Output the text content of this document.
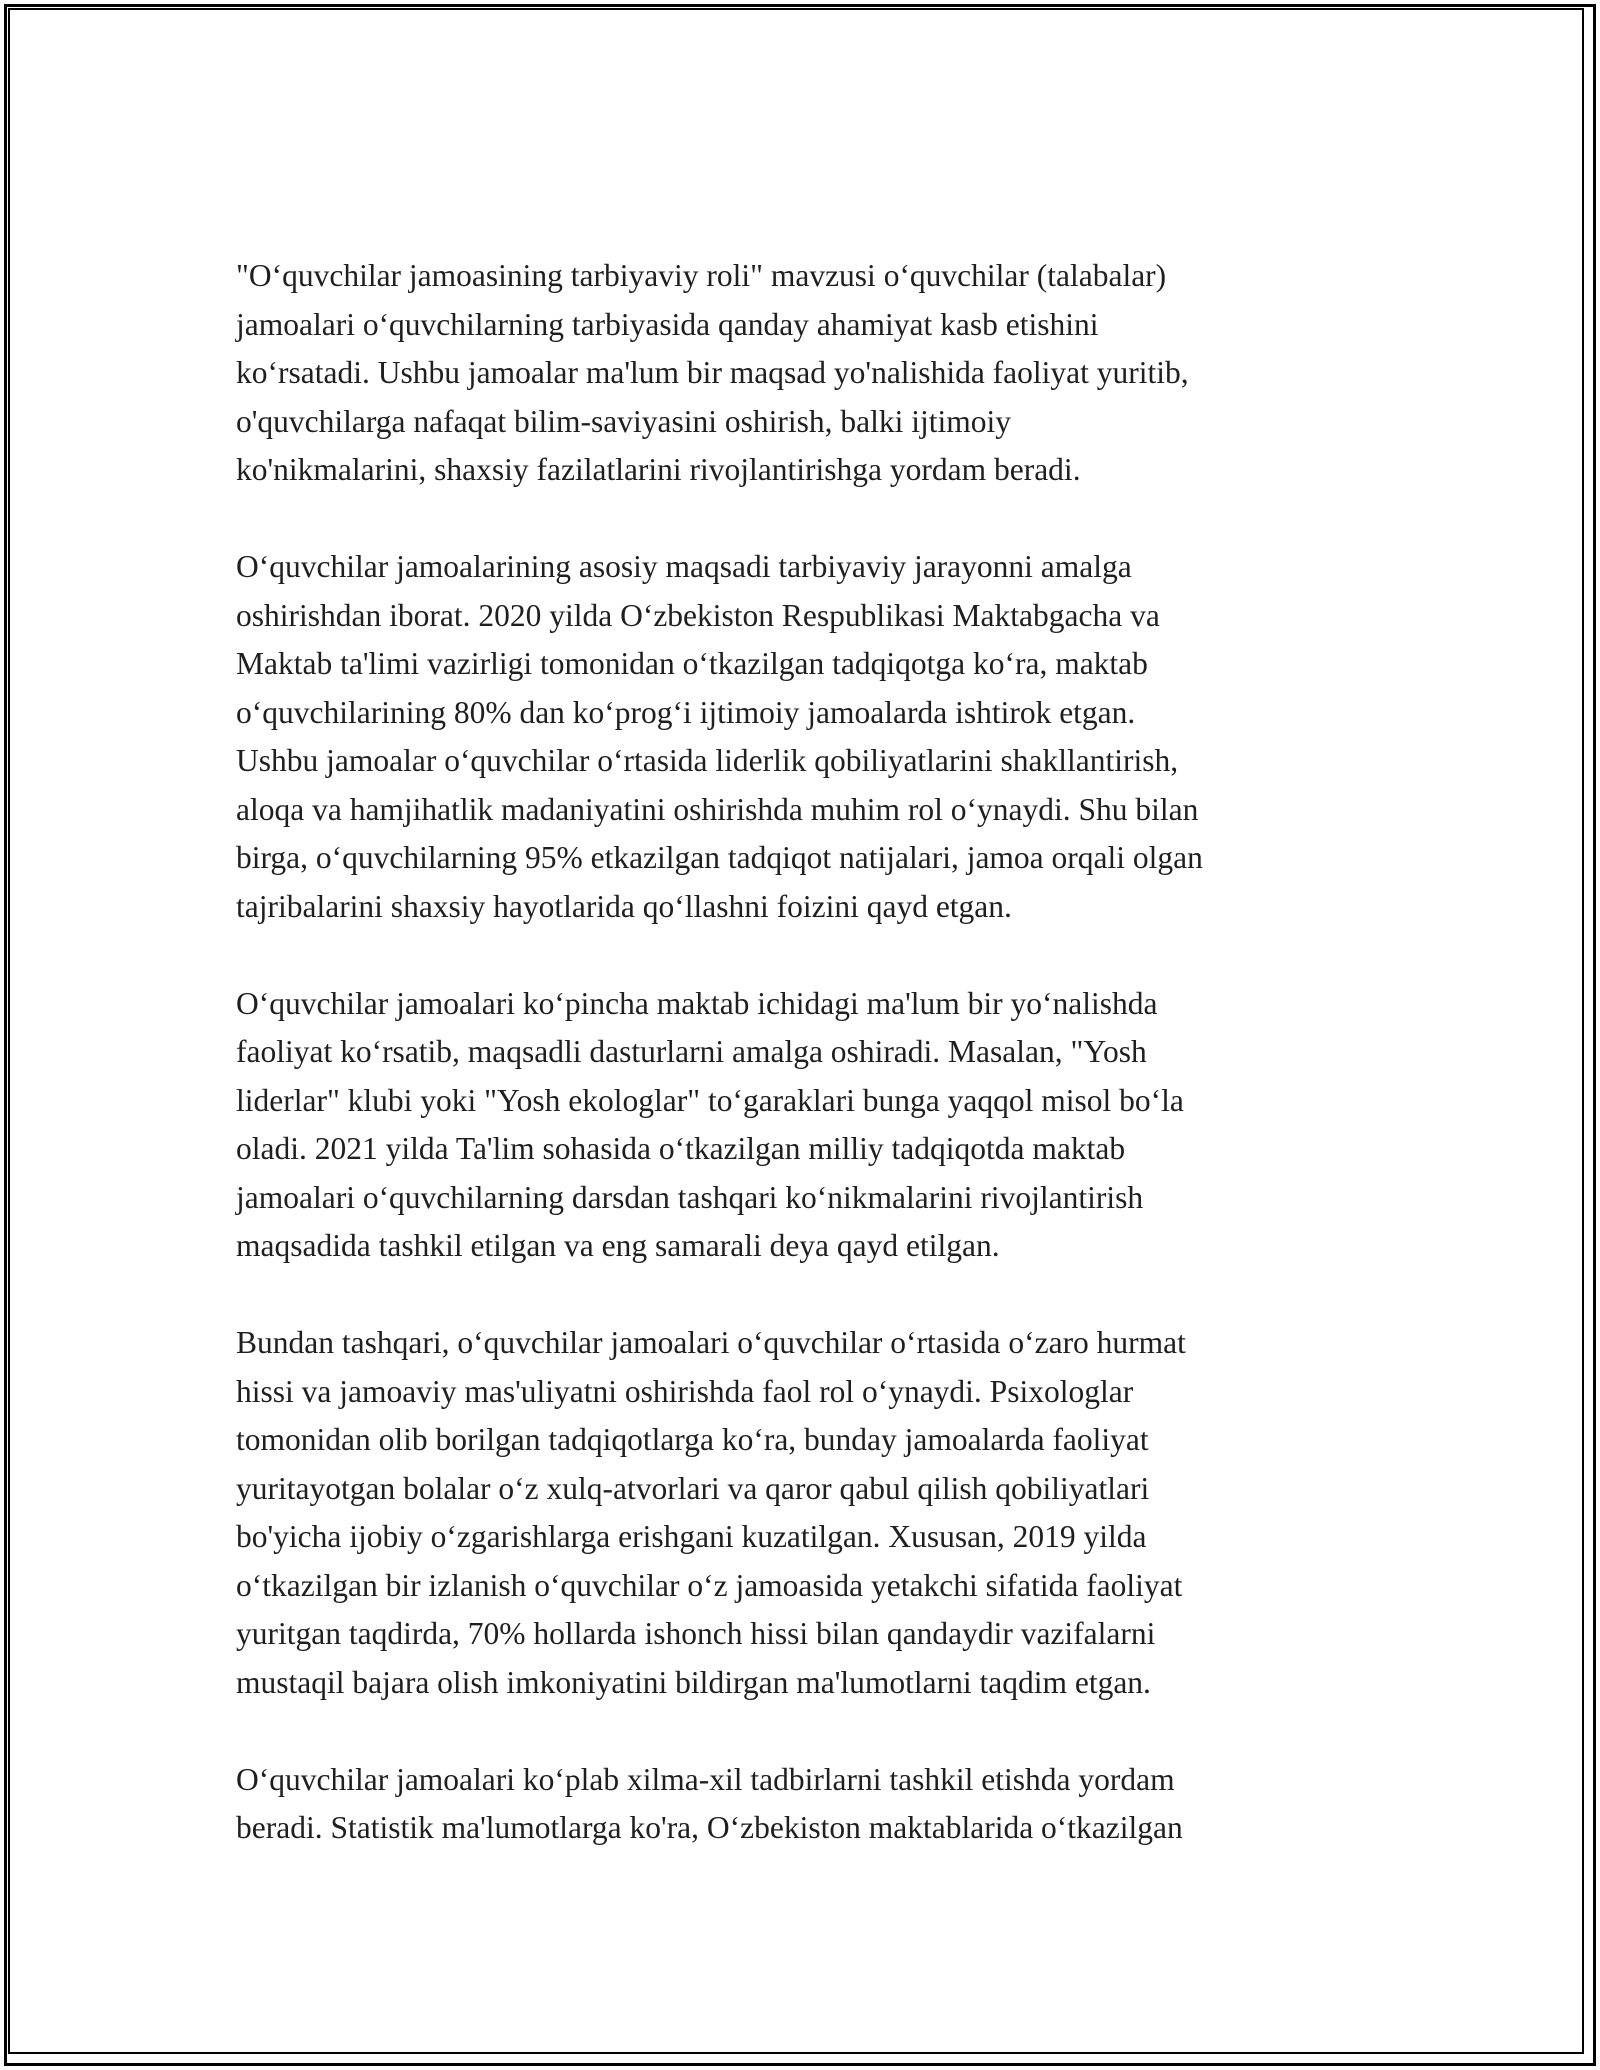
"O‘quvchilar jamoasining tarbiyaviy roli" mavzusi o‘quvchilar (talabalar)
jamoalari o‘quvchilarning tarbiyasida qanday ahamiyat kasb etishini
ko‘rsatadi. Ushbu jamoalar ma'lum bir maqsad yo'nalishida faoliyat yuritib,
o'quvchilarga nafaqat bilim-saviyasini oshirish, balki ijtimoiy
ko'nikmalarini, shaxsiy fazilatlarini rivojlantirishga yordam beradi.

O‘quvchilar jamoalarining asosiy maqsadi tarbiyaviy jarayonni amalga
oshirishdan iborat. 2020 yilda O‘zbekiston Respublikasi Maktabgacha va
Maktab ta'limi vazirligi tomonidan o‘tkazilgan tadqiqotga ko‘ra, maktab
o‘quvchilarining 80% dan ko‘prog‘i ijtimoiy jamoalarda ishtirok etgan.
Ushbu jamoalar o‘quvchilar o‘rtasida liderlik qobiliyatlarini shakllantirish,
aloqa va hamjihatlik madaniyatini oshirishda muhim rol o‘ynaydi. Shu bilan
birga, o‘quvchilarning 95% etkazilgan tadqiqot natijalari, jamoa orqali olgan
tajribalarini shaxsiy hayotlarida qo‘llashni foizini qayd etgan.

O‘quvchilar jamoalari ko‘pincha maktab ichidagi ma'lum bir yo‘nalishda
faoliyat ko‘rsatib, maqsadli dasturlarni amalga oshiradi. Masalan, "Yosh
liderlar" klubi yoki "Yosh ekologlar" to‘garaklari bunga yaqqol misol bo‘la
oladi. 2021 yilda Ta'lim sohasida o‘tkazilgan milliy tadqiqotda maktab
jamoalari o‘quvchilarning darsdan tashqari ko‘nikmalarini rivojlantirish
maqsadida tashkil etilgan va eng samarali deya qayd etilgan.

Bundan tashqari, o‘quvchilar jamoalari o‘quvchilar o‘rtasida o‘zaro hurmat
hissi va jamoaviy mas'uliyatni oshirishda faol rol o‘ynaydi. Psixologlar
tomonidan olib borilgan tadqiqotlarga ko‘ra, bunday jamoalarda faoliyat
yuritayotgan bolalar o‘z xulq-atvorlari va qaror qabul qilish qobiliyatlari
bo'yicha ijobiy o‘zgarishlarga erishgani kuzatilgan. Xususan, 2019 yilda
o‘tkazilgan bir izlanish o‘quvchilar o‘z jamoasida yetakchi sifatida faoliyat
yuritgan taqdirda, 70% hollarda ishonch hissi bilan qandaydir vazifalarni
mustaqil bajara olish imkoniyatini bildirgan ma'lumotlarni taqdim etgan.

O‘quvchilar jamoalari ko‘plab xilma-xil tadbirlarni tashkil etishda yordam
beradi. Statistik ma'lumotlarga ko'ra, O‘zbekiston maktablarida o‘tkazilgan
